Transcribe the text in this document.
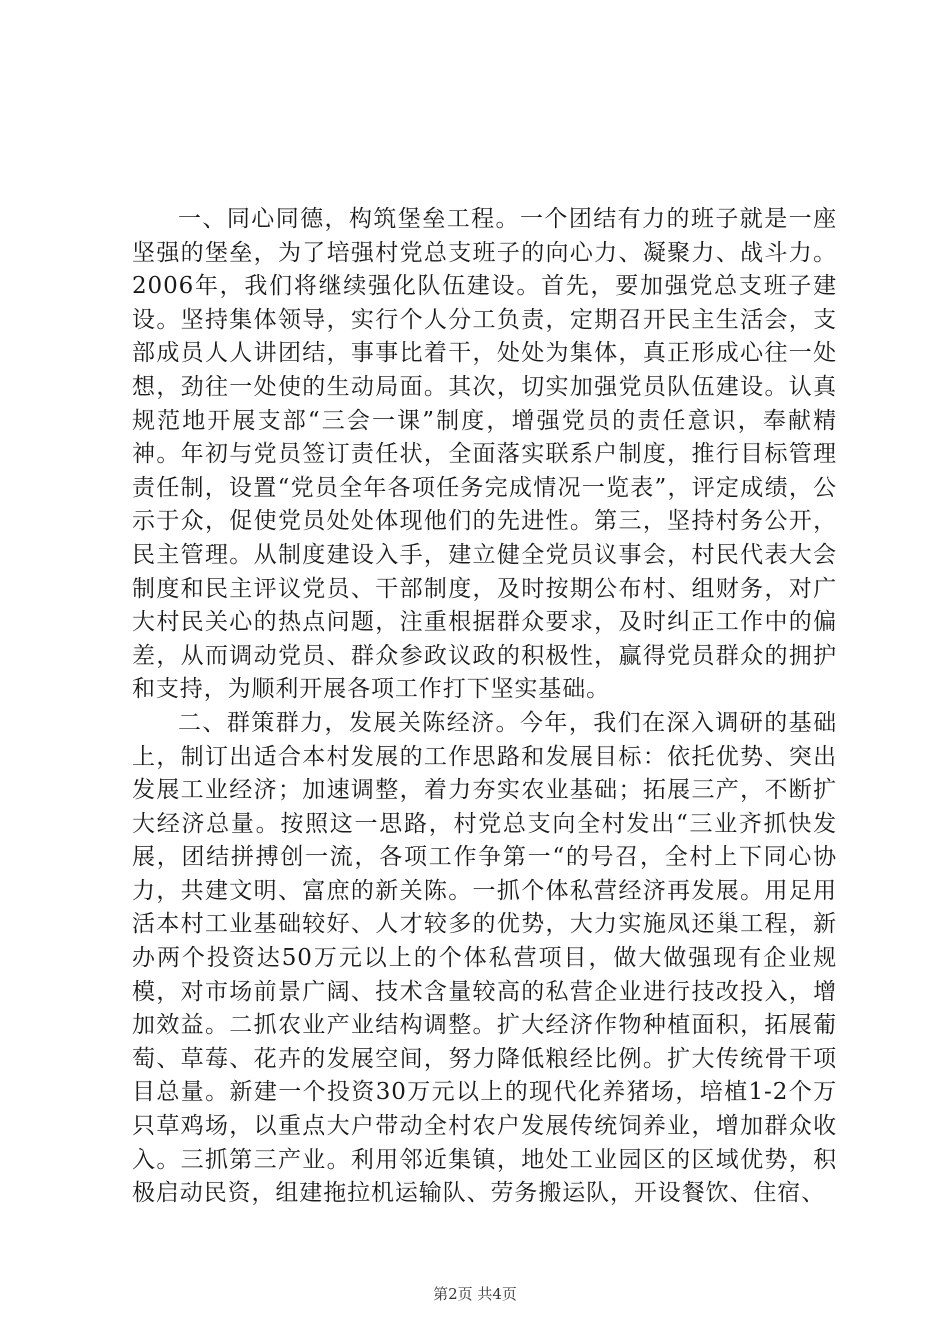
一、同心同德，构筑堡垒工程。一个团结有力的班子就是一座坚强的堡垒，为了培强村党总支班子的向心力、凝聚力、战斗力。2006年，我们将继续强化队伍建设。首先，要加强党总支班子建设。坚持集体领导，实行个人分工负责，定期召开民主生活会，支部成员人人讲团结，事事比着干，处处为集体，真正形成心往一处想，劲往一处使的生动局面。其次，切实加强党员队伍建设。认真规范地开展支部“三会一课”制度，增强党员的责任意识，奉献精神。年初与党员签订责任状，全面落实联系户制度，推行目标管理责任制，设置“党员全年各项任务完成情况一览表”，评定成绩，公示于众，促使党员处处体现他们的先进性。第三，坚持村务公开，民主管理。从制度建设入手，建立健全党员议事会，村民代表大会制度和民主评议党员、干部制度，及时按期公布村、组财务，对广大村民关心的热点问题，注重根据群众要求，及时纠正工作中的偏差，从而调动党员、群众参政议政的积极性，赢得党员群众的拥护和支持，为顺利开展各项工作打下坚实基础。

二、群策群力，发展关陈经济。今年，我们在深入调研的基础上，制订出适合本村发展的工作思路和发展目标：依托优势、突出发展工业经济；加速调整，着力夯实农业基础；拓展三产，不断扩大经济总量。按照这一思路，村党总支向全村发出“三业齐抓快发展，团结拼搏创一流，各项工作争第一“的号召，全村上下同心协力，共建文明、富庶的新关陈。一抓个体私营经济再发展。用足用活本村工业基础较好、人才较多的优势，大力实施凤还巢工程，新办两个投资达50万元以上的个体私营项目，做大做强现有企业规模，对市场前景广阔、技术含量较高的私营企业进行技改投入，增加效益。二抓农业产业结构调整。扩大经济作物种植面积，拓展葡萄、草莓、花卉的发展空间，努力降低粮经比例。扩大传统骨干项目总量。新建一个投资30万元以上的现代化养猪场，培植1-2个万只草鸡场，以重点大户带动全村农户发展传统饲养业，增加群众收入。三抓第三产业。利用邻近集镇，地处工业园区的区域优势，积极启动民资，组建拖拉机运输队、劳务搬运队，开设餐饮、住宿、

第2页 共4页
